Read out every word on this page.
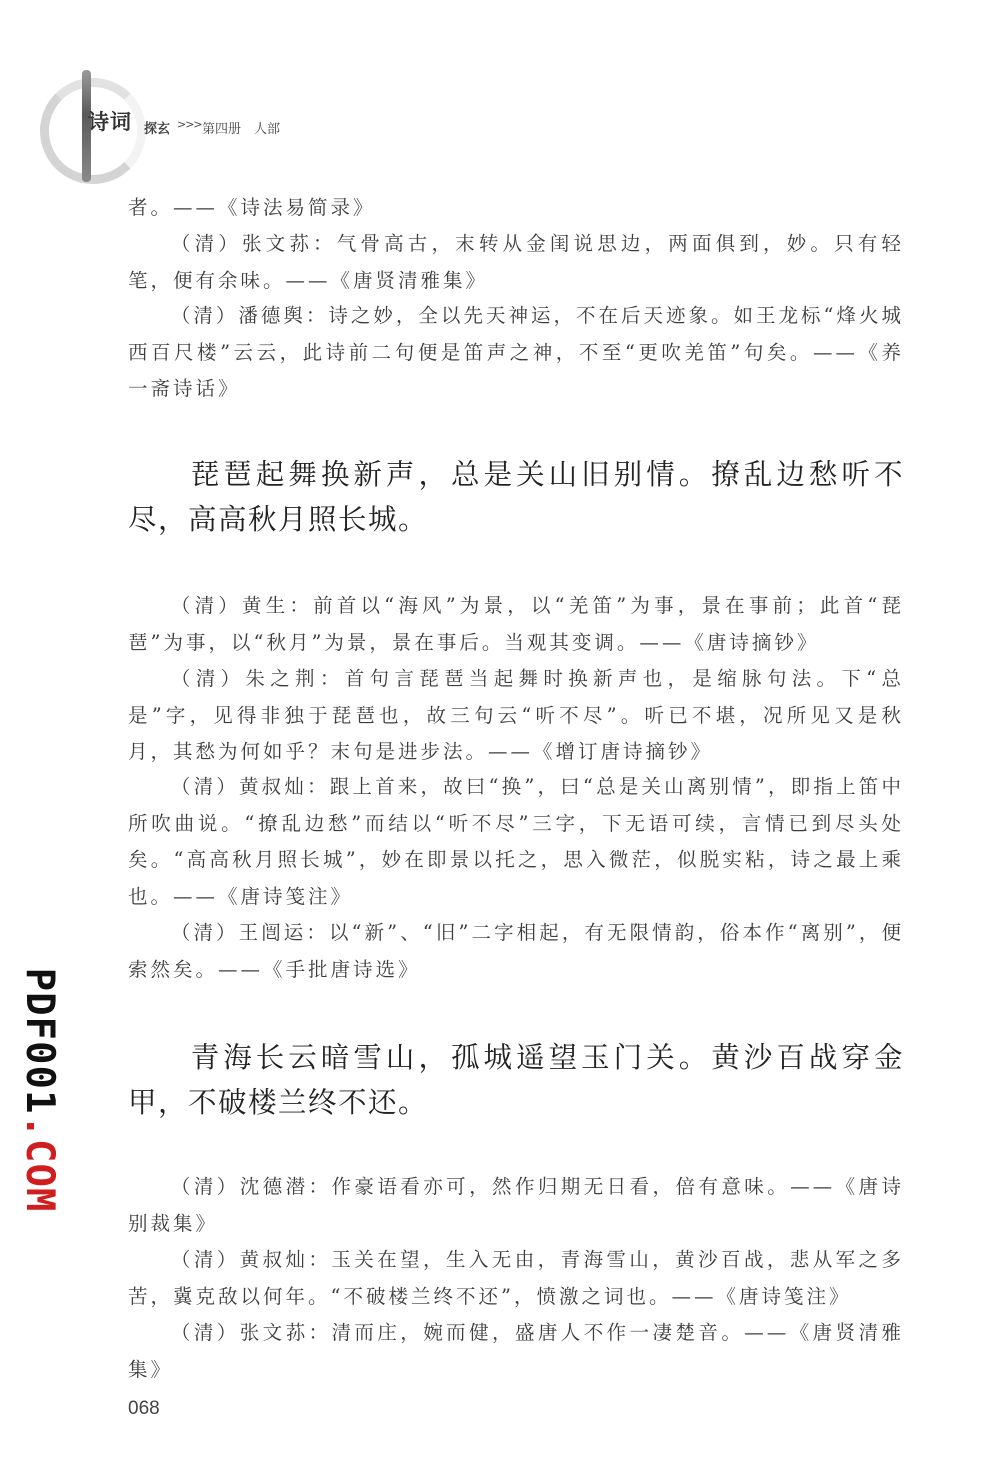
诗词 探玄 >>> 第四册　人部
者。——《诗法易简录》
（清）张文荪：气骨高古，末转从金闺说思边，两面俱到，妙。只有轻笔，便有余味。——《唐贤清雅集》
（清）潘德舆：诗之妙，全以先天神运，不在后天迹象。如王龙标“烽火城西百尺楼”云云，此诗前二句便是笛声之神，不至“更吹羌笛”句矣。——《养一斋诗话》
琵琶起舞换新声，总是关山旧别情。撩乱边愁听不尽，高高秋月照长城。
（清）黄生：前首以“海风”为景，以“羌笛”为事，景在事前；此首“琵琶”为事，以“秋月”为景，景在事后。当观其变调。——《唐诗摘钞》
（清）朱之荆：首句言琵琶当起舞时换新声也，是缩脉句法。下“总是”字，见得非独于琵琶也，故三句云“听不尽”。听已不堪，况所见又是秋月，其愁为何如乎？末句是进步法。——《增订唐诗摘钞》
（清）黄叔灿：跟上首来，故曰“换”，曰“总是关山离别情”，即指上笛中所吹曲说。“撩乱边愁”而结以“听不尽”三字，下无语可续，言情已到尽头处矣。“高高秋月照长城”，妙在即景以托之，思入微茫，似脱实粘，诗之最上乘也。——《唐诗笺注》
（清）王闿运：以“新”、“旧”二字相起，有无限情韵，俗本作“离别”，便索然矣。——《手批唐诗选》
青海长云暗雪山，孤城遥望玉门关。黄沙百战穿金甲，不破楼兰终不还。
（清）沈德潜：作豪语看亦可，然作归期无日看，倍有意味。——《唐诗别裁集》
（清）黄叔灿：玉关在望，生入无由，青海雪山，黄沙百战，悲从军之多苦，冀克敌以何年。“不破楼兰终不还”，愤激之词也。——《唐诗笺注》
（清）张文荪：清而庄，婉而健，盛唐人不作一凄楚音。——《唐贤清雅集》
PDF001.COM
068
